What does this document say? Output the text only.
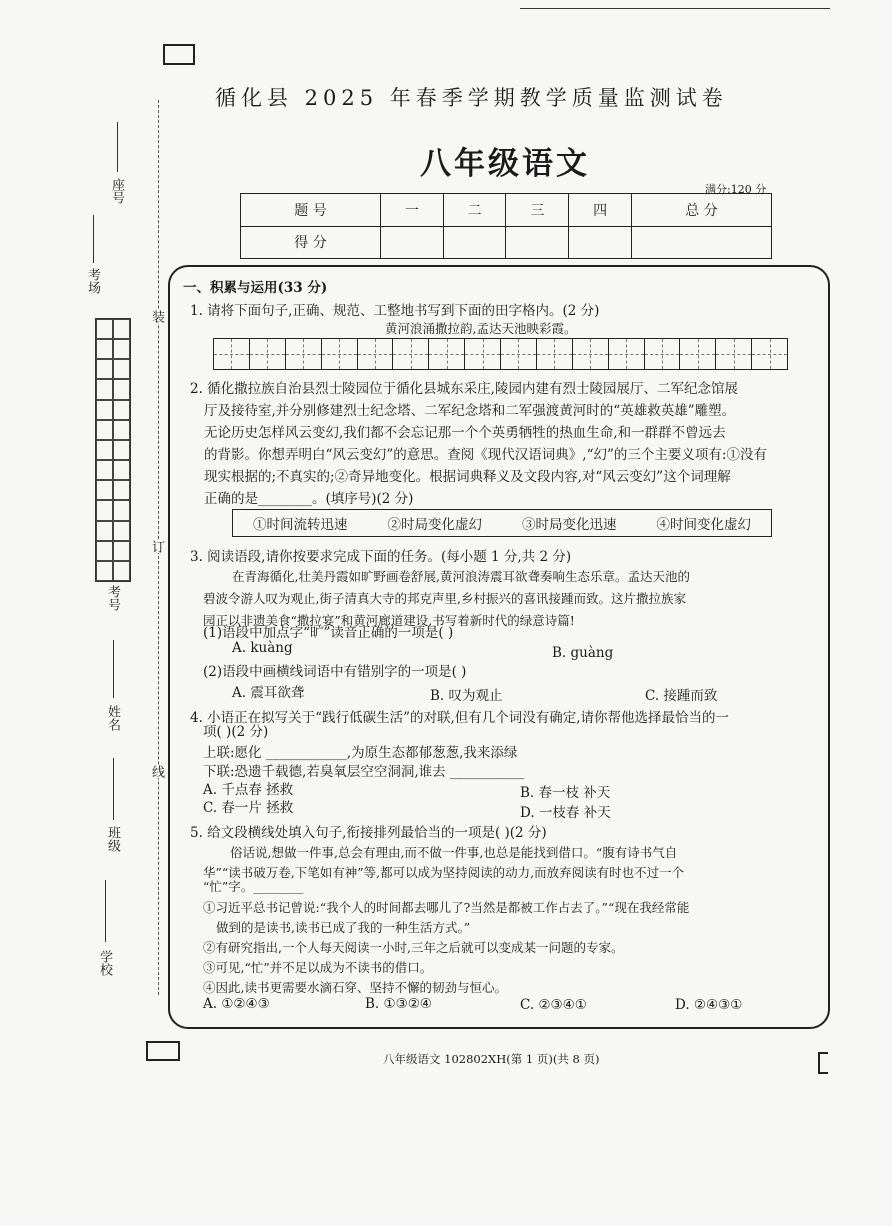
循化县 2025 年春季学期教学质量监测试卷
八年级语文
满分:120 分
题 号	一	二	三	四	总 分
得 分					
装
订
线
座号
考场
考号
姓名
班级
学校
一、积累与运用(33 分)
1. 请将下面句子,正确、规范、工整地书写到下面的田字格内。(2 分)
黄河浪涌撒拉韵,孟达天池映彩霞。
2. 循化撒拉族自治县烈士陵园位于循化县城东采庄,陵园内建有烈士陵园展厅、二军纪念馆展
厅及接待室,并分别修建烈士纪念塔、二军纪念塔和二军强渡黄河时的“英雄救英雄”雕塑。
无论历史怎样风云变幻,我们都不会忘记那一个个英勇牺牲的热血生命,和一群群不曾远去
的背影。你想弄明白“风云变幻”的意思。查阅《现代汉语词典》,“幻”的三个主要义项有:①没有
现实根据的;不真实的;②奇异地变化。根据词典释义及文段内容,对“风云变幻”这个词理解
正确的是________。(填序号)(2 分)
①时间流转迅速	②时局变化虚幻	③时局变化迅速	④时间变化虚幻
3. 阅读语段,请你按要求完成下面的任务。(每小题 1 分,共 2 分)
在青海循化,壮美丹霞如旷野画卷舒展,黄河浪涛震耳欲聋奏响生态乐章。孟达天池的
碧波令游人叹为观止,街子清真大寺的邦克声里,乡村振兴的喜讯接踵而致。这片撒拉族家
园正以非遗美食“撒拉宴”和黄河廊道建设,书写着新时代的绿意诗篇!
(1)语段中加点字“旷”读音正确的一项是( )
A. kuàng	B. guàng
(2)语段中画横线词语中有错别字的一项是( )
A. 震耳欲聋	B. 叹为观止	C. 接踵而致
4. 小语正在拟写关于“践行低碳生活”的对联,但有几个词没有确定,请你帮他选择最恰当的一
项( )(2 分)
上联:愿化 ____________,为原生态都郁葱葱,我来添绿
下联:恐遗千载德,若臭氧层空空洞洞,谁去 ___________
A. 千点春 拯救	B. 春一枝 补天
C. 春一片 拯救	D. 一枝春 补天
5. 给文段横线处填入句子,衔接排列最恰当的一项是( )(2 分)
俗话说,想做一件事,总会有理由,而不做一件事,也总是能找到借口。“腹有诗书气自
华”“读书破万卷,下笔如有神”等,都可以成为坚持阅读的动力,而放弃阅读有时也不过一个
“忙”字。________
①习近平总书记曾说:“我个人的时间都去哪儿了?当然是都被工作占去了。”“现在我经常能
做到的是读书,读书已成了我的一种生活方式。”
②有研究指出,一个人每天阅读一小时,三年之后就可以变成某一问题的专家。
③可见,“忙”并不足以成为不读书的借口。
④因此,读书更需要水滴石穿、坚持不懈的韧劲与恒心。
A. ①②④③	B. ①③②④	C. ②③④①	D. ②④③①
八年级语文 102802XH(第 1 页)(共 8 页)
